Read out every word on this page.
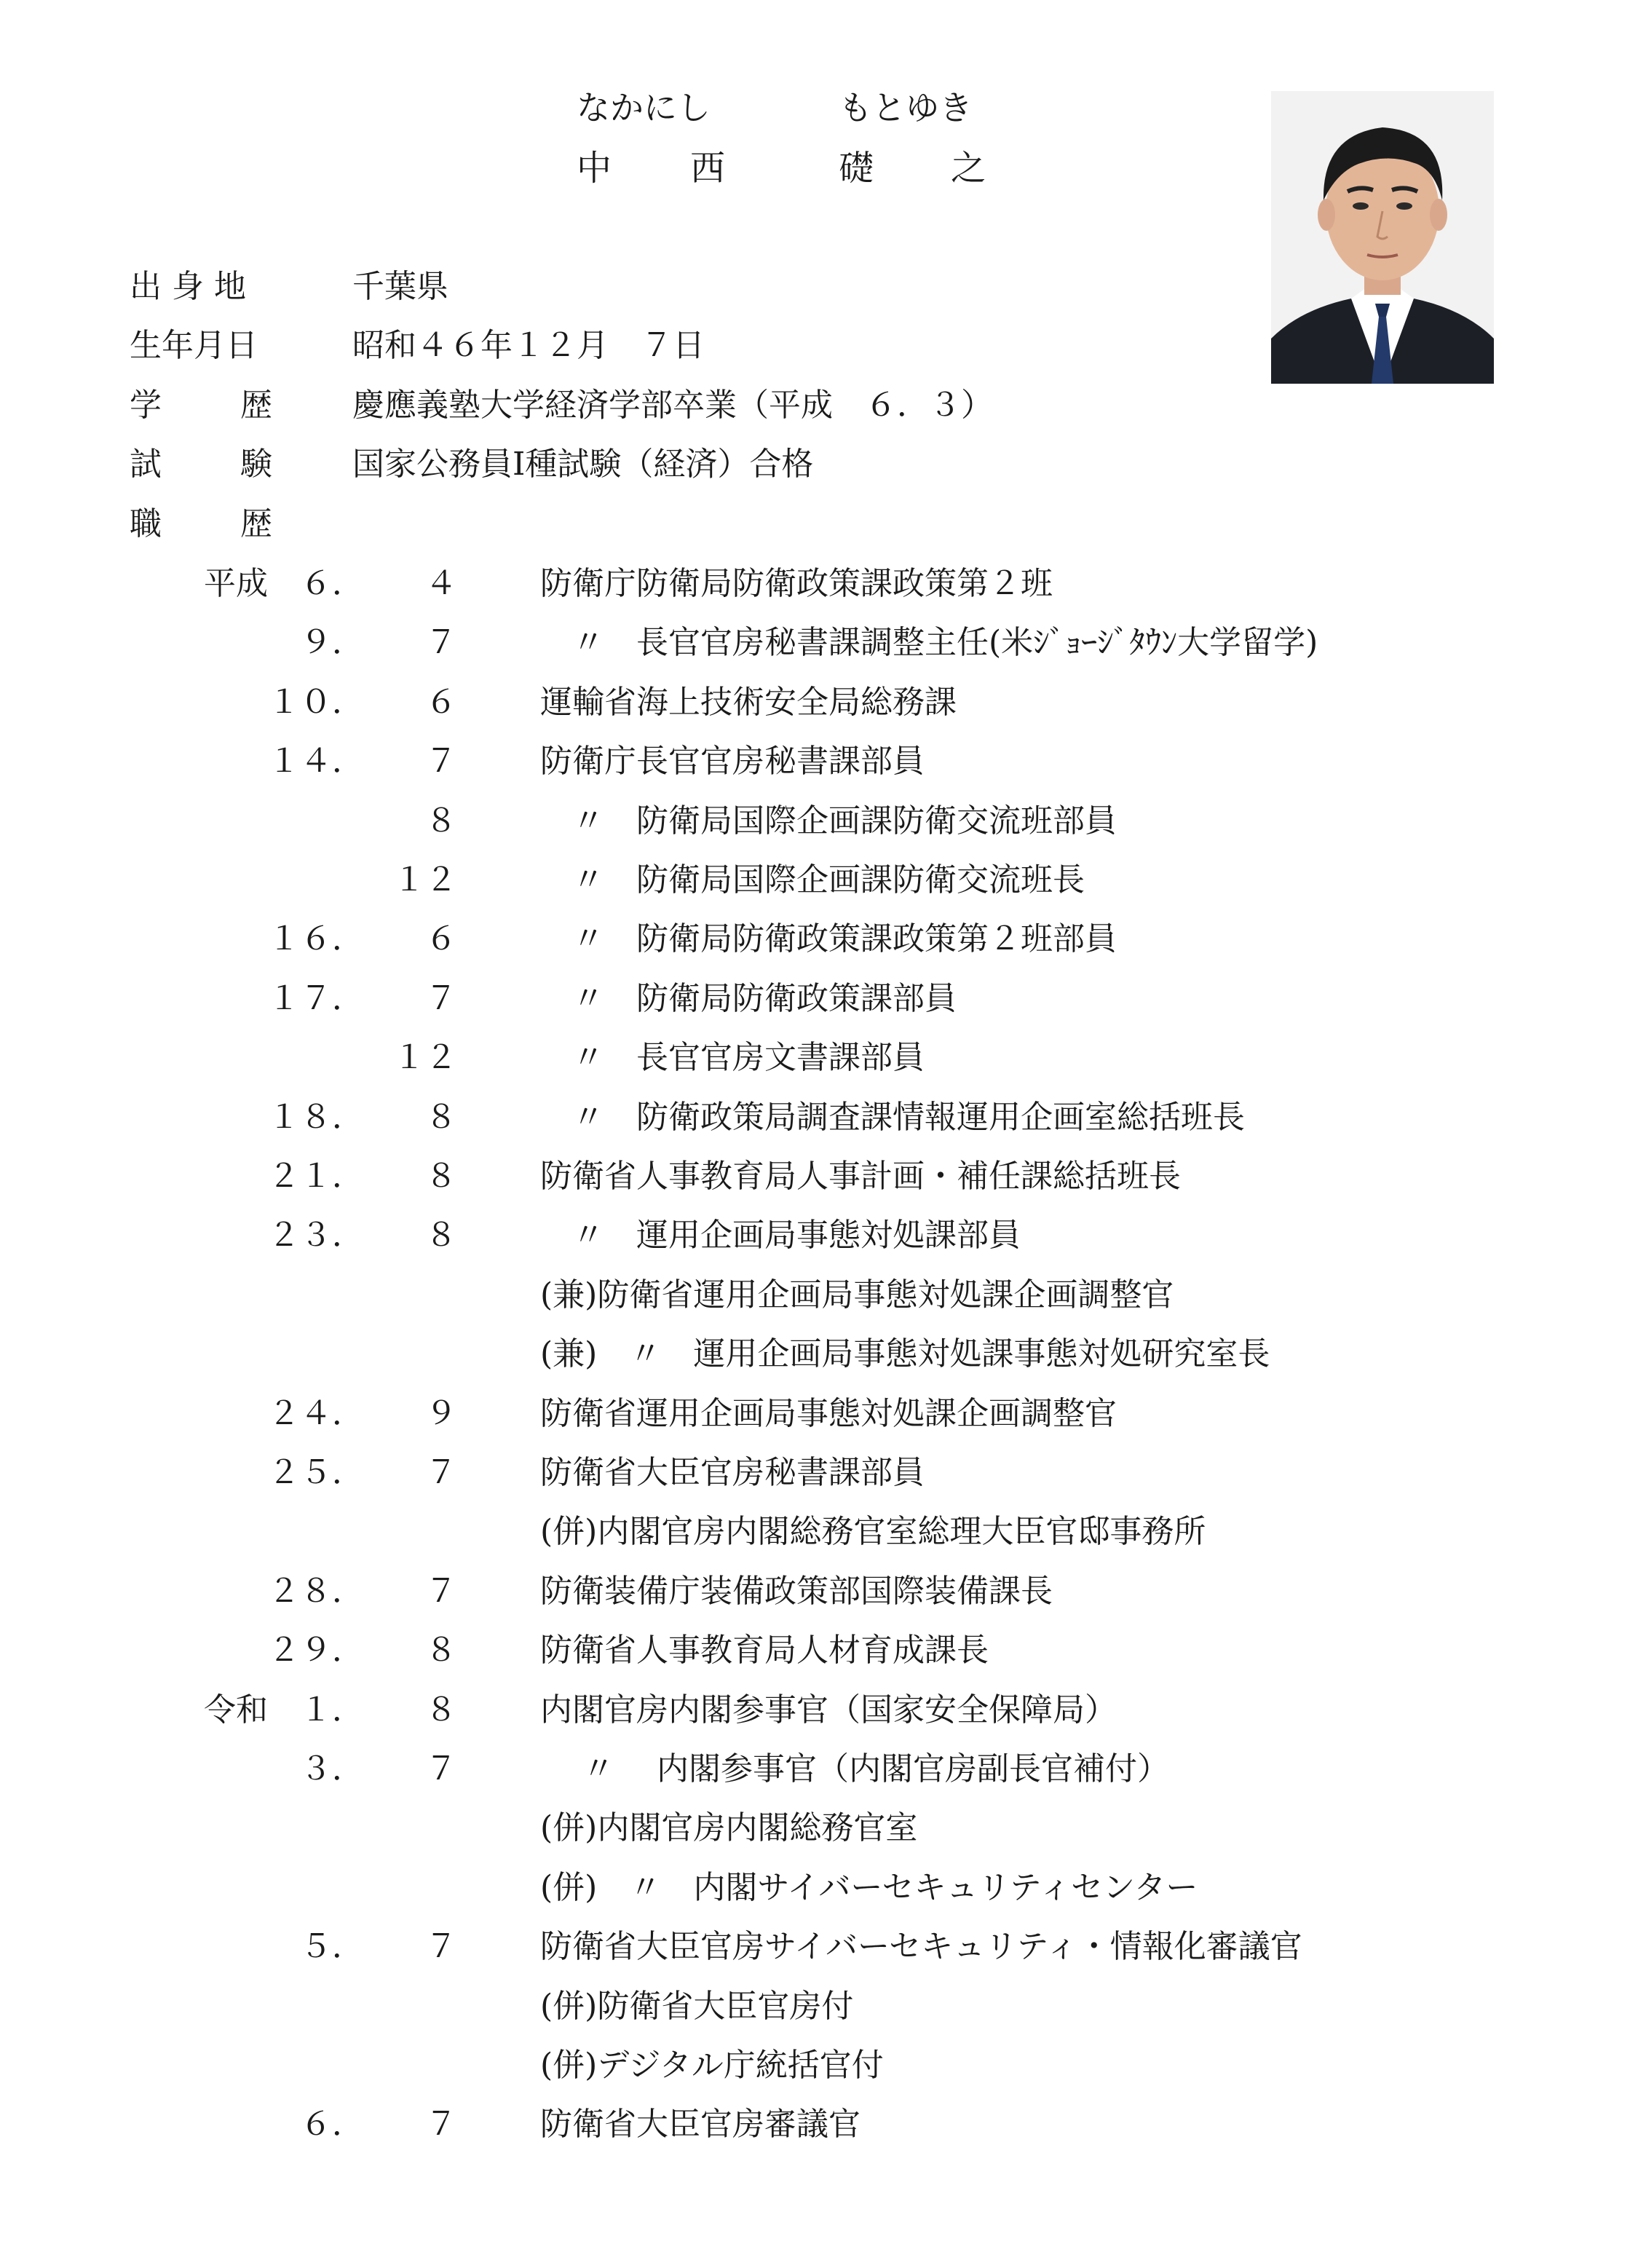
なかにし	もとゆき
中 西	礎 之
出 身 地	千葉県
生年月日	昭和４６年１２月　７日
学 歴	慶應義塾大学経済学部卒業（平成　６．３）
試 験	国家公務員Ⅰ種試験（経済）合格
職 歴
平成 ６． ４	防衛庁防衛局防衛政策課政策第２班
９． ７	　〃　長官官房秘書課調整主任(米ｼﾞｮｰｼﾞﾀｳﾝ大学留学)
１０． ６	運輸省海上技術安全局総務課
１４． ７	防衛庁長官官房秘書課部員
８	　〃　防衛局国際企画課防衛交流班部員
１２	　〃　防衛局国際企画課防衛交流班長
１６． ６	　〃　防衛局防衛政策課政策第２班部員
１７． ７	　〃　防衛局防衛政策課部員
１２	　〃　長官官房文書課部員
１８． ８	　〃　防衛政策局調査課情報運用企画室総括班長
２１． ８	防衛省人事教育局人事計画・補任課総括班長
２３． ８	　〃　運用企画局事態対処課部員
(兼)防衛省運用企画局事態対処課企画調整官
(兼)　〃　運用企画局事態対処課事態対処研究室長
２４． ９	防衛省運用企画局事態対処課企画調整官
２５． ７	防衛省大臣官房秘書課部員
(併)内閣官房内閣総務官室総理大臣官邸事務所
２８． ７	防衛装備庁装備政策部国際装備課長
２９． ８	防衛省人事教育局人材育成課長
令和 １． ８	内閣官房内閣参事官（国家安全保障局）
３． ７	　 〃 　内閣参事官（内閣官房副長官補付）
(併)内閣官房内閣総務官室
(併)　〃　内閣サイバーセキュリティセンター
５． ７	防衛省大臣官房サイバーセキュリティ・情報化審議官
(併)防衛省大臣官房付
(併)デジタル庁統括官付
６． ７	防衛省大臣官房審議官
